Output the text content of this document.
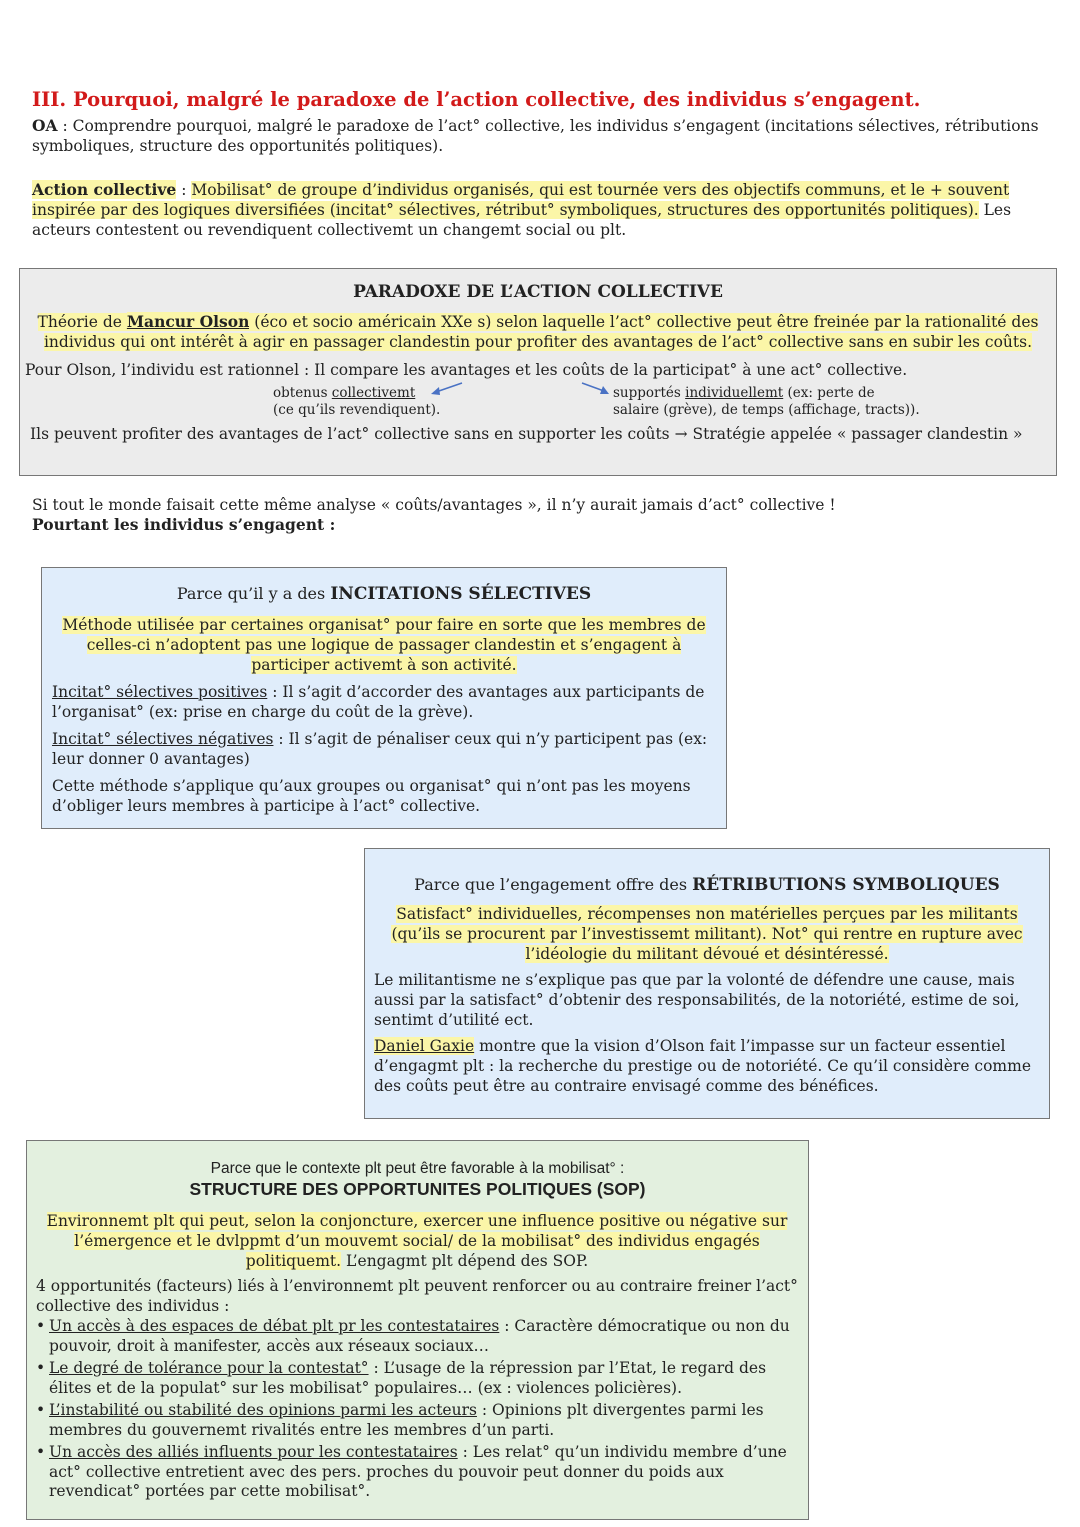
III. Pourquoi, malgré le paradoxe de l’action collective, des individus s’engagent.
OA : Comprendre pourquoi, malgré le paradoxe de l’act° collective, les individus s’engagent (incitations sélectives, rétributions symboliques, structure des opportunités politiques).
Action collective : Mobilisat° de groupe d’individus organisés, qui est tournée vers des objectifs communs, et le + souvent inspirée par des logiques diversifiées (incitat° sélectives, rétribut° symboliques, structures des opportunités politiques). Les acteurs contestent ou revendiquent collectivemt un changemt social ou plt.
PARADOXE DE L’ACTION COLLECTIVE
Théorie de Mancur Olson (éco et socio américain XXe s) selon laquelle l’act° collective peut être freinée par la rationalité des individus qui ont intérêt à agir en passager clandestin pour profiter des avantages de l’act° collective sans en subir les coûts.
Pour Olson, l’individu est rationnel : Il compare les avantages et les coûts de la participat° à une act° collective.
obtenus collectivemt
(ce qu’ils revendiquent).
supportés individuellemt (ex: perte de
salaire (grève), de temps (affichage, tracts)).
Ils peuvent profiter des avantages de l’act° collective sans en supporter les coûts → Stratégie appelée « passager clandestin »
Si tout le monde faisait cette même analyse « coûts/avantages », il n’y aurait jamais d’act° collective !
Pourtant les individus s’engagent :
Parce qu’il y a des INCITATIONS SÉLECTIVES
Méthode utilisée par certaines organisat° pour faire en sorte que les membres de celles-ci n’adoptent pas une logique de passager clandestin et s’engagent à participer activemt à son activité.
Incitat° sélectives positives : Il s’agit d’accorder des avantages aux participants de l’organisat° (ex: prise en charge du coût de la grève).
Incitat° sélectives négatives : Il s’agit de pénaliser ceux qui n’y participent pas (ex: leur donner 0 avantages)
Cette méthode s’applique qu’aux groupes ou organisat° qui n’ont pas les moyens d’obliger leurs membres à participe à l’act° collective.
Parce que l’engagement offre des RÉTRIBUTIONS SYMBOLIQUES
Satisfact° individuelles, récompenses non matérielles perçues par les militants (qu’ils se procurent par l’investissemt militant). Not° qui rentre en rupture avec l’idéologie du militant dévoué et désintéressé.
Le militantisme ne s’explique pas que par la volonté de défendre une cause, mais aussi par la satisfact° d’obtenir des responsabilités, de la notoriété, estime de soi, sentimt d’utilité ect.
Daniel Gaxie montre que la vision d’Olson fait l’impasse sur un facteur essentiel d’engagmt plt : la recherche du prestige ou de notoriété. Ce qu’il considère comme des coûts peut être au contraire envisagé comme des bénéfices.
Parce que le contexte plt peut être favorable à la mobilisat° :
STRUCTURE DES OPPORTUNITES POLITIQUES (SOP)
Environnemt plt qui peut, selon la conjoncture, exercer une influence positive ou négative sur l’émergence et le dvlppmt d’un mouvemt social/ de la mobilisat° des individus engagés politiquemt. L’engagmt plt dépend des SOP.

4 opportunités (facteurs) liés à l’environnemt plt peuvent renforcer ou au contraire freiner l’act° collective des individus :

• Un accès à des espaces de débat plt pr les contestataires : Caractère démocratique ou non du pouvoir, droit à manifester, accès aux réseaux sociaux…
• Le degré de tolérance pour la contestat° : L’usage de la répression par l’Etat, le regard des élites et de la populat° sur les mobilisat° populaires… (ex : violences policières).
• L’instabilité ou stabilité des opinions parmi les acteurs : Opinions plt divergentes parmi les membres du gouvernemt rivalités entre les membres d’un parti.
• Un accès des alliés influents pour les contestataires : Les relat° qu’un individu membre d’une act° collective entretient avec des pers. proches du pouvoir peut donner du poids aux revendicat° portées par cette mobilisat°.
